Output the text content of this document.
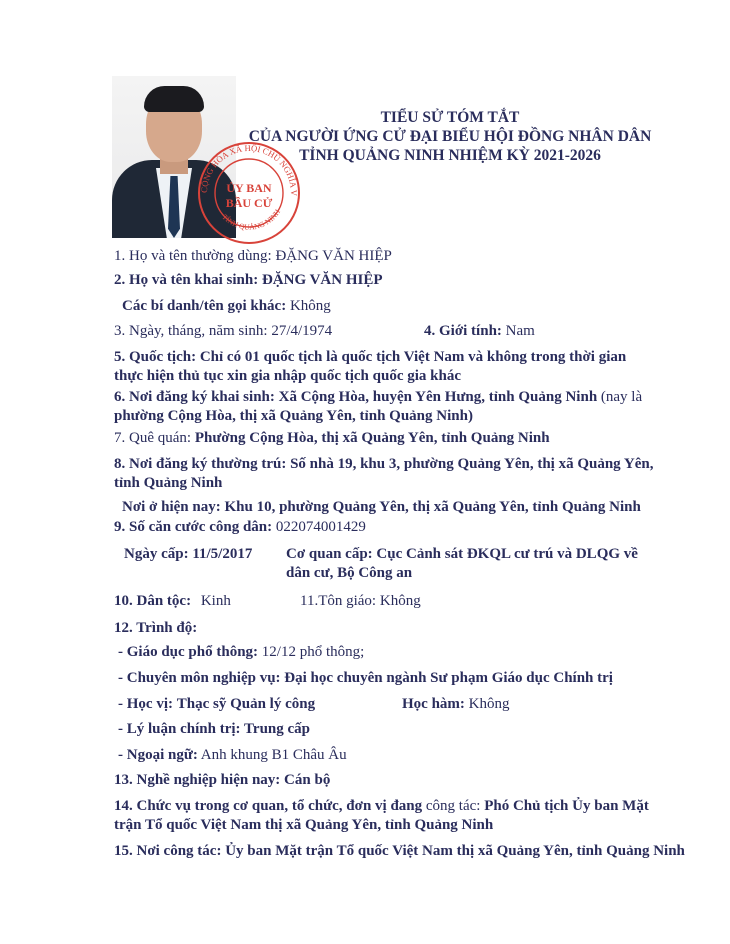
TIỂU SỬ TÓM TẮT
CỦA NGƯỜI ỨNG CỬ ĐẠI BIỂU HỘI ĐỒNG NHÂN DÂN
TỈNH QUẢNG NINH NHIỆM KỲ 2021-2026
CỘNG HÒA XÃ HỘI CHỦ NGHĨA V
TỈNH QUẢNG NINH
ỦY BAN
BẦU CỬ
1. Họ và tên thường dùng: ĐẶNG VĂN HIỆP
2. Họ và tên khai sinh: ĐẶNG VĂN HIỆP
Các bí danh/tên gọi khác: Không
3. Ngày, tháng, năm sinh: 27/4/1974	4. Giới tính: Nam
5. Quốc tịch: Chỉ có 01 quốc tịch là quốc tịch Việt Nam và không trong thời gian
thực hiện thủ tục xin gia nhập quốc tịch quốc gia khác
6. Nơi đăng ký khai sinh: Xã Cộng Hòa, huyện Yên Hưng, tỉnh Quảng Ninh (nay là
phường Cộng Hòa, thị xã Quảng Yên, tỉnh Quảng Ninh)
7. Quê quán: Phường Cộng Hòa, thị xã Quảng Yên, tỉnh Quảng Ninh
8. Nơi đăng ký thường trú: Số nhà 19, khu 3, phường Quảng Yên, thị xã Quảng Yên,
tỉnh Quảng Ninh
Nơi ở hiện nay: Khu 10, phường Quảng Yên, thị xã Quảng Yên, tỉnh Quảng Ninh
9. Số căn cước công dân: 022074001429
Ngày cấp: 11/5/2017 Cơ quan cấp: Cục Cảnh sát ĐKQL cư trú và DLQG về
dân cư, Bộ Công an
10. Dân tộc: Kinh	11.Tôn giáo: Không
12. Trình độ:
- Giáo dục phổ thông: 12/12 phổ thông;
- Chuyên môn nghiệp vụ: Đại học chuyên ngành Sư phạm Giáo dục Chính trị
- Học vị: Thạc sỹ Quản lý công	Học hàm: Không
- Lý luận chính trị: Trung cấp
- Ngoại ngữ: Anh khung B1 Châu Âu
13. Nghề nghiệp hiện nay: Cán bộ
14. Chức vụ trong cơ quan, tổ chức, đơn vị đang công tác: Phó Chủ tịch Ủy ban Mặt
trận Tổ quốc Việt Nam thị xã Quảng Yên, tỉnh Quảng Ninh
15. Nơi công tác: Ủy ban Mặt trận Tổ quốc Việt Nam thị xã Quảng Yên, tỉnh Quảng Ninh
